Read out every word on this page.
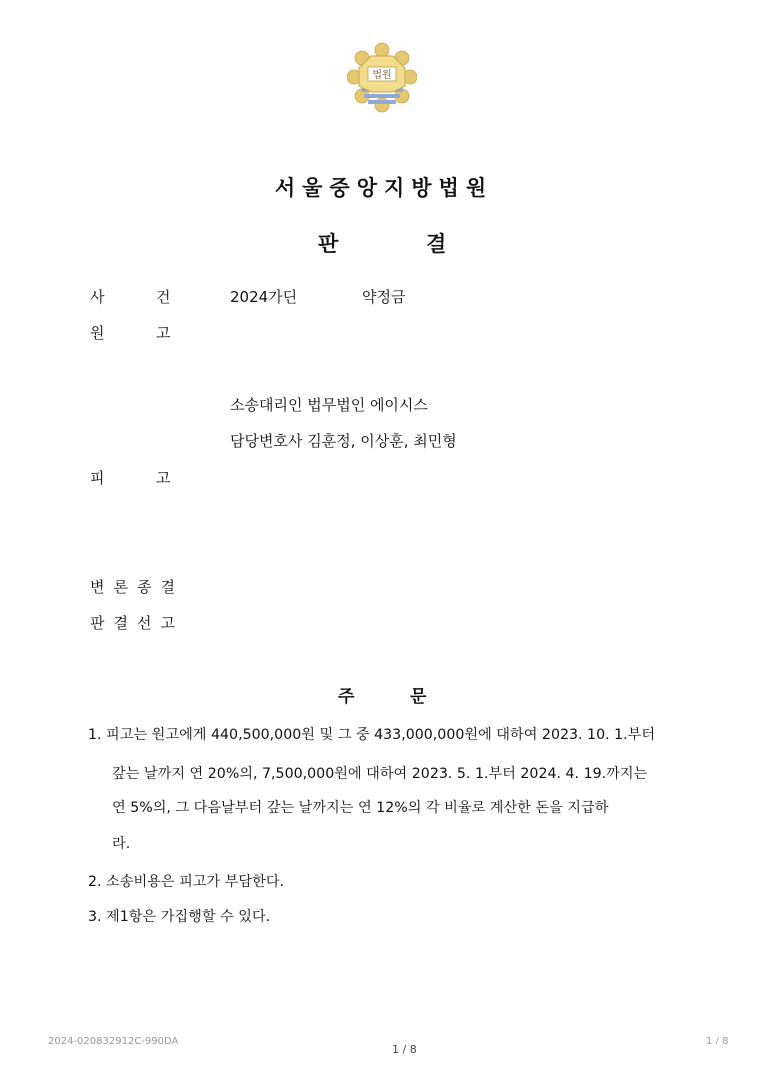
법원
서울중앙지방법원
판	결
사	건	2024가딘	약정금
원	고
소송대리인 법무법인 에이시스
담당변호사 김훈정, 이상훈, 최민형
피	고
변론종결
판결선고
주	문
1. 피고는 원고에게 440,500,000원 및 그 중 433,000,000원에 대하여 2023. 10. 1.부터
갚는 날까지 연 20%의, 7,500,000원에 대하여 2023. 5. 1.부터 2024. 4. 19.까지는
연 5%의, 그 다음날부터 갚는 날까지는 연 12%의 각 비율로 계산한 돈을 지급하
라.
2. 소송비용은 피고가 부담한다.
3. 제1항은 가집행할 수 있다.
2024-020832912C-990DA
1 / 8
1 / 8
